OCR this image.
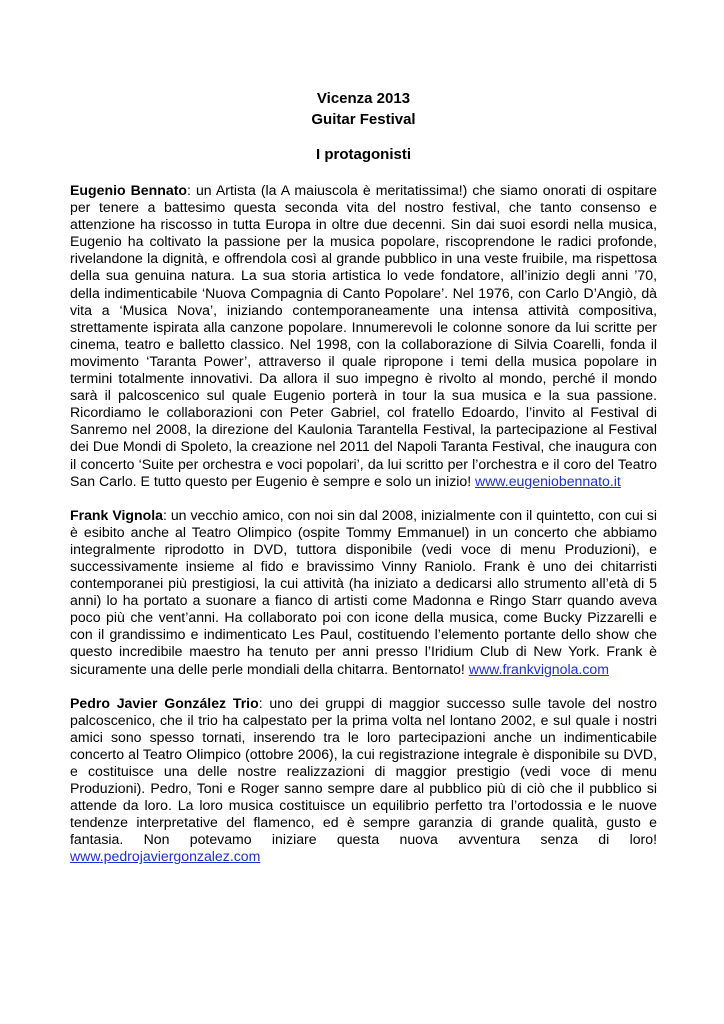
Vicenza 2013
Guitar Festival
I protagonisti

Eugenio Bennato: un Artista (la A maiuscola è meritatissima!) che siamo onorati di ospitare per tenere a battesimo questa seconda vita del nostro festival, che tanto consenso e attenzione ha riscosso in tutta Europa in oltre due decenni. Sin dai suoi esordi nella musica, Eugenio ha coltivato la passione per la musica popolare, riscoprendone le radici profonde, rivelandone la dignità, e offrendola così al grande pubblico in una veste fruibile, ma rispettosa della sua genuina natura. La sua storia artistica lo vede fondatore, all’inizio degli anni ’70, della indimenticabile ‘Nuova Compagnia di Canto Popolare’. Nel 1976, con Carlo D’Angiò, dà vita a ‘Musica Nova’, iniziando contemporaneamente una intensa attività compositiva, strettamente ispirata alla canzone popolare. Innumerevoli le colonne sonore da lui scritte per cinema, teatro e balletto classico. Nel 1998, con la collaborazione di Silvia Coarelli, fonda il movimento ‘Taranta Power’, attraverso il quale ripropone i temi della musica popolare in termini totalmente innovativi. Da allora il suo impegno è rivolto al mondo, perché il mondo sarà il palcoscenico sul quale Eugenio porterà in tour la sua musica e la sua passione. Ricordiamo le collaborazioni con Peter Gabriel, col fratello Edoardo, l’invito al Festival di Sanremo nel 2008, la direzione del Kaulonia Tarantella Festival, la partecipazione al Festival dei Due Mondi di Spoleto, la creazione nel 2011 del Napoli Taranta Festival, che inaugura con il concerto ‘Suite per orchestra e voci popolari’, da lui scritto per l’orchestra e il coro del Teatro San Carlo. E tutto questo per Eugenio è sempre e solo un inizio! www.eugeniobennato.it

Frank Vignola: un vecchio amico, con noi sin dal 2008, inizialmente con il quintetto, con cui si è esibito anche al Teatro Olimpico (ospite Tommy Emmanuel) in un concerto che abbiamo integralmente riprodotto in DVD, tuttora disponibile (vedi voce di menu Produzioni), e successivamente insieme al fido e bravissimo Vinny Raniolo. Frank è uno dei chitarristi contemporanei più prestigiosi, la cui attività (ha iniziato a dedicarsi allo strumento all’età di 5 anni) lo ha portato a suonare a fianco di artisti come Madonna e Ringo Starr quando aveva poco più che vent’anni. Ha collaborato poi con icone della musica, come Bucky Pizzarelli e con il grandissimo e indimenticato Les Paul, costituendo l’elemento portante dello show che questo incredibile maestro ha tenuto per anni presso l’Iridium Club di New York. Frank è sicuramente una delle perle mondiali della chitarra. Bentornato! www.frankvignola.com

Pedro Javier González Trio: uno dei gruppi di maggior successo sulle tavole del nostro palcoscenico, che il trio ha calpestato per la prima volta nel lontano 2002, e sul quale i nostri amici sono spesso tornati, inserendo tra le loro partecipazioni anche un indimenticabile concerto al Teatro Olimpico (ottobre 2006), la cui registrazione integrale è disponibile su DVD, e costituisce una delle nostre realizzazioni di maggior prestigio (vedi voce di menu Produzioni). Pedro, Toni e Roger sanno sempre dare al pubblico più di ciò che il pubblico si attende da loro. La loro musica costituisce un equilibrio perfetto tra l’ortodossia e le nuove tendenze interpretative del flamenco, ed è sempre garanzia di grande qualità, gusto e fantasia. Non potevamo iniziare questa nuova avventura senza di loro! www.pedrojaviergonzalez.com
